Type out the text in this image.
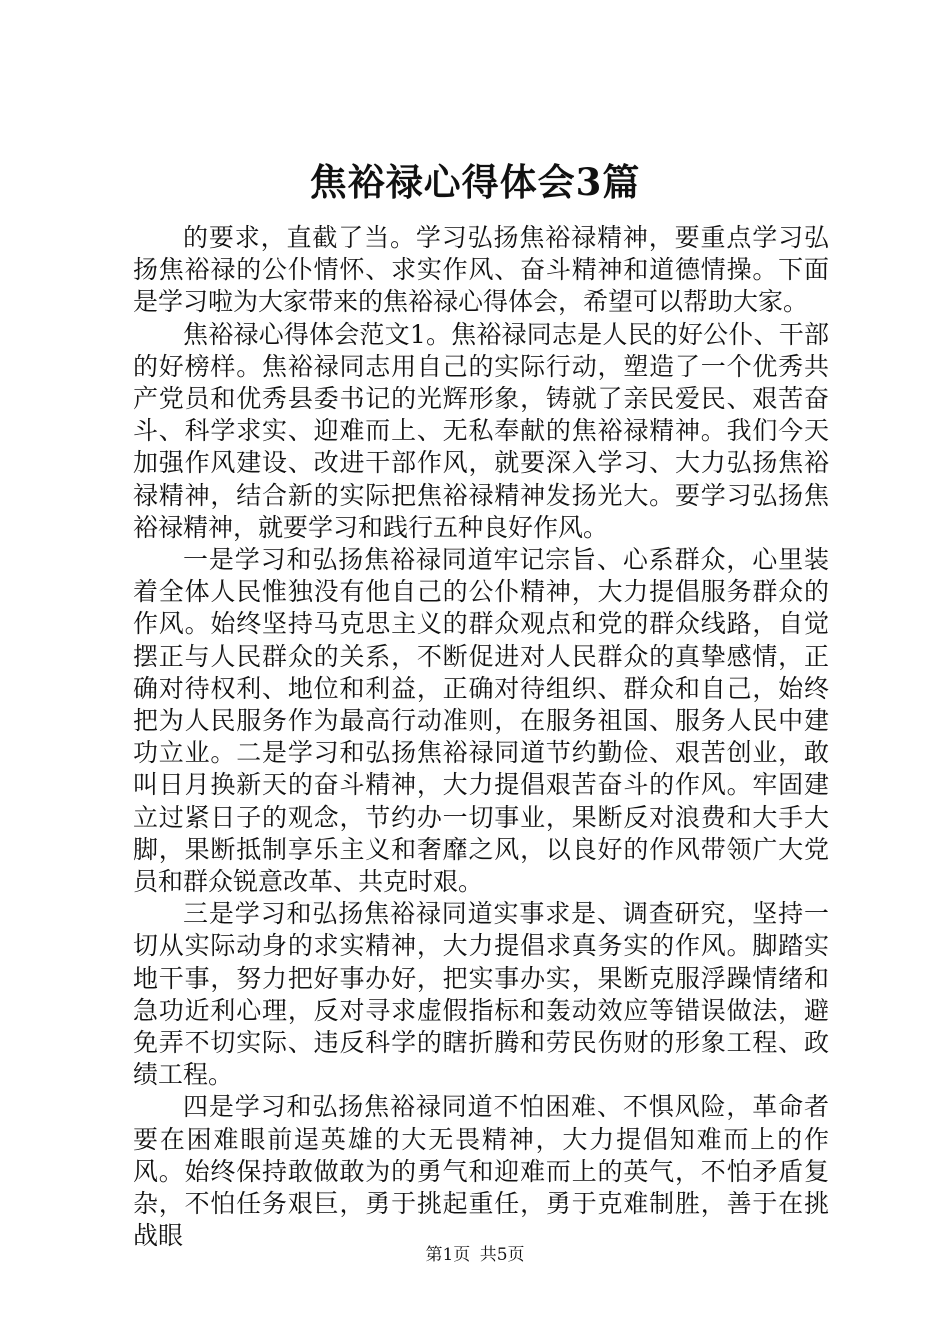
焦裕禄心得体会3篇

的要求，直截了当。学习弘扬焦裕禄精神，要重点学习弘扬焦裕禄的公仆情怀、求实作风、奋斗精神和道德情操。下面是学习啦为大家带来的焦裕禄心得体会，希望可以帮助大家。

焦裕禄心得体会范文1。焦裕禄同志是人民的好公仆、干部的好榜样。焦裕禄同志用自己的实际行动，塑造了一个优秀共产党员和优秀县委书记的光辉形象，铸就了亲民爱民、艰苦奋斗、科学求实、迎难而上、无私奉献的焦裕禄精神。我们今天加强作风建设、改进干部作风，就要深入学习、大力弘扬焦裕禄精神，结合新的实际把焦裕禄精神发扬光大。要学习弘扬焦裕禄精神，就要学习和践行五种良好作风。

一是学习和弘扬焦裕禄同道牢记宗旨、心系群众，心里装着全体人民惟独没有他自己的公仆精神，大力提倡服务群众的作风。始终坚持马克思主义的群众观点和党的群众线路，自觉摆正与人民群众的关系，不断促进对人民群众的真挚感情，正确对待权利、地位和利益，正确对待组织、群众和自己，始终把为人民服务作为最高行动准则，在服务祖国、服务人民中建功立业。二是学习和弘扬焦裕禄同道节约勤俭、艰苦创业，敢叫日月换新天的奋斗精神，大力提倡艰苦奋斗的作风。牢固建立过紧日子的观念，节约办一切事业，果断反对浪费和大手大脚，果断抵制享乐主义和奢靡之风，以良好的作风带领广大党员和群众锐意改革、共克时艰。

三是学习和弘扬焦裕禄同道实事求是、调查研究，坚持一切从实际动身的求实精神，大力提倡求真务实的作风。脚踏实地干事，努力把好事办好，把实事办实，果断克服浮躁情绪和急功近利心理，反对寻求虚假指标和轰动效应等错误做法，避免弄不切实际、违反科学的瞎折腾和劳民伤财的形象工程、政绩工程。

四是学习和弘扬焦裕禄同道不怕困难、不惧风险，革命者要在困难眼前逞英雄的大无畏精神，大力提倡知难而上的作风。始终保持敢做敢为的勇气和迎难而上的英气，不怕矛盾复杂，不怕任务艰巨，勇于挑起重任，勇于克难制胜，善于在挑战眼

第1页 共5页
